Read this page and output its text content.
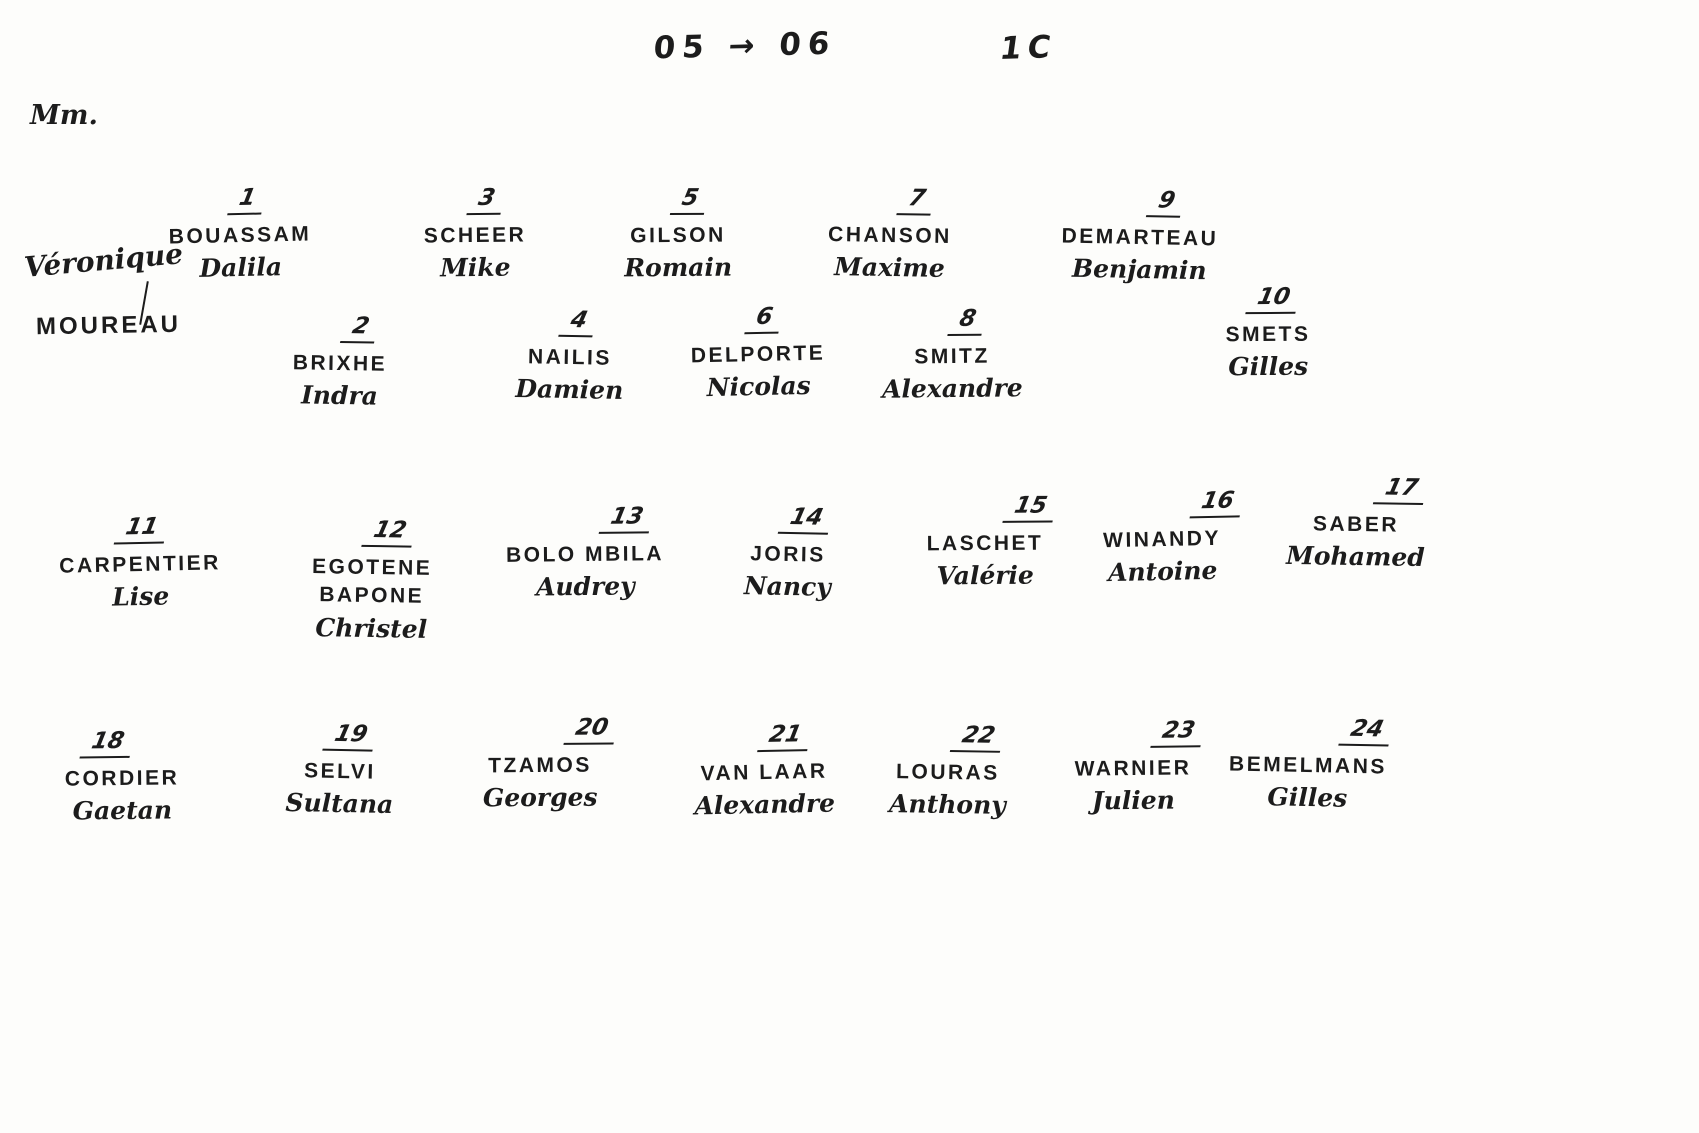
05 → 06	1C
Mm.
Véronique
MOUREAU
1
BOUASSAM
Dalila
2
BRIXHE
Indra
3
SCHEER
Mike
4
NAILIS
Damien
5
GILSON
Romain
6
DELPORTE
Nicolas
7
CHANSON
Maxime
8
SMITZ
Alexandre
9
DEMARTEAU
Benjamin
10
SMETS
Gilles
11
CARPENTIER
Lise
12
EGOTENE
BAPONE
Christel
13
BOLO MBILA
Audrey
14
JORIS
Nancy
15
LASCHET
Valérie
16
WINANDY
Antoine
17
SABER
Mohamed
18
CORDIER
Gaetan
19
SELVI
Sultana
20
TZAMOS
Georges
21
VAN LAAR
Alexandre
22
LOURAS
Anthony
23
WARNIER
Julien
24
BEMELMANS
Gilles
